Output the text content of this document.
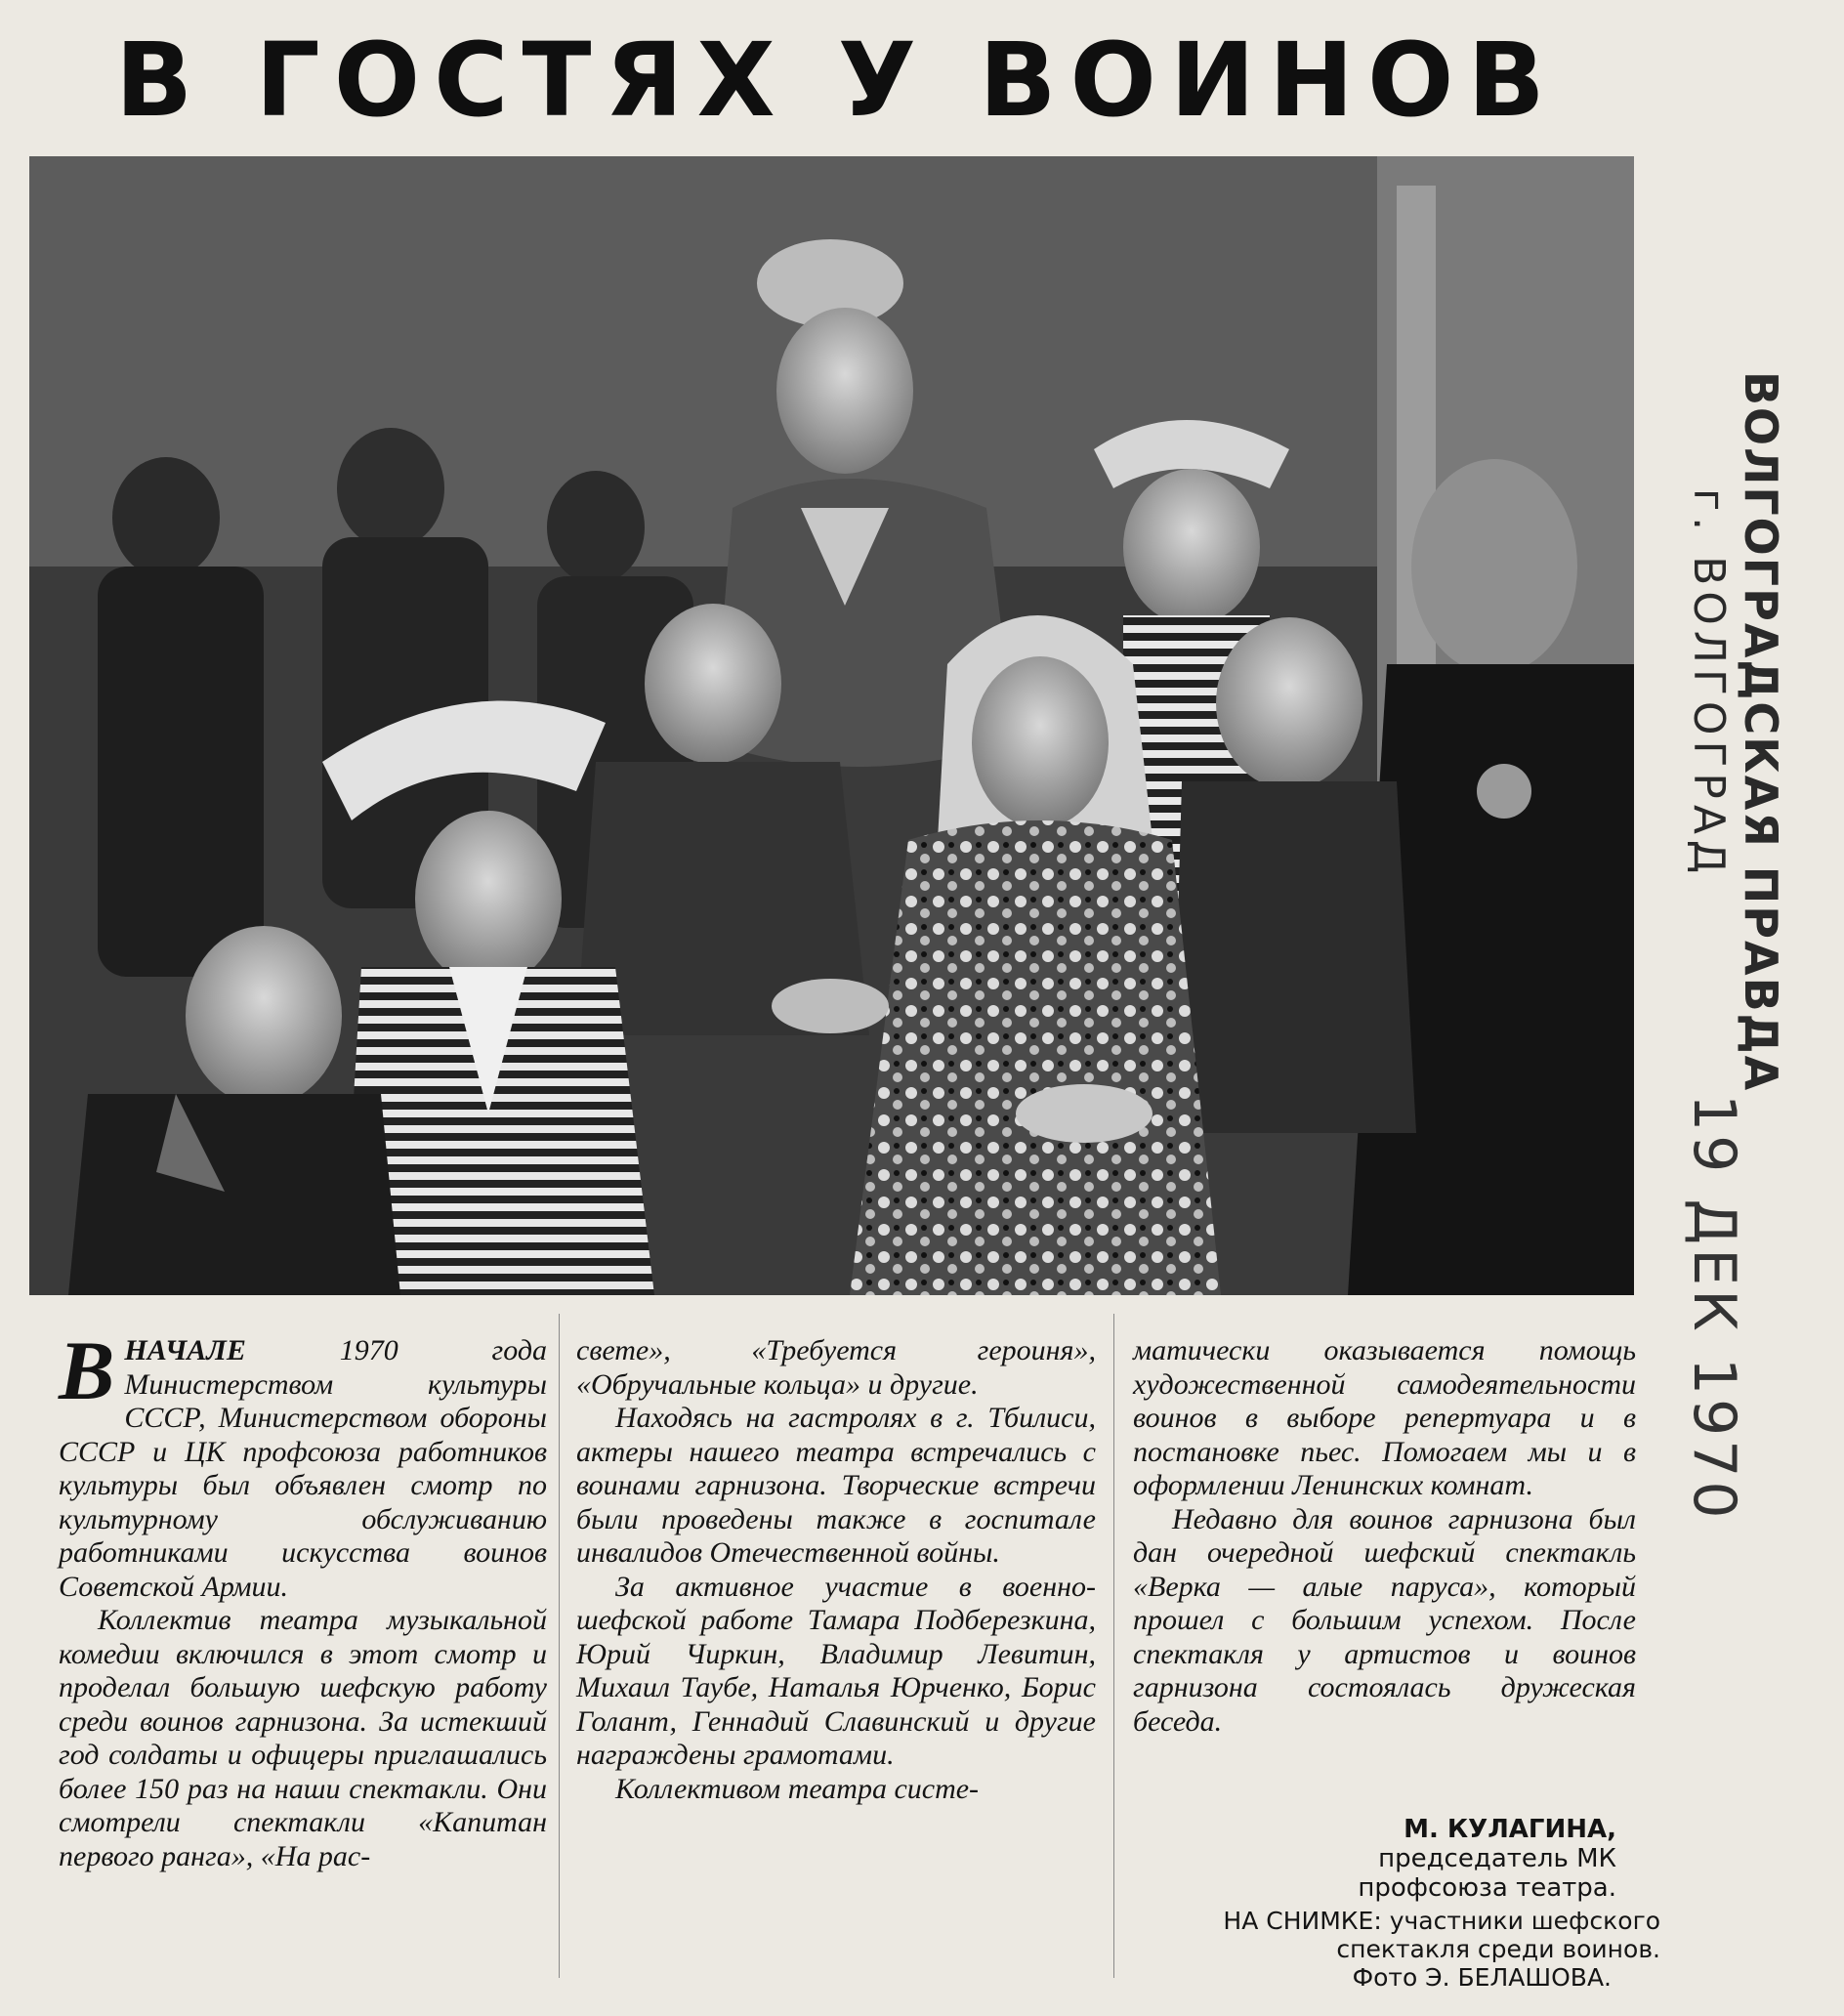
В ГОСТЯХ У ВОИНОВ
ВОЛГОГРАДСКАЯ ПРАВДА
г. ВОЛГОГРАД
19 ДЕК 1970

ВНАЧАЛЕ 1970 года Министерством культуры СССР, Министерством обороны СССР и ЦК профсоюза работников культуры был объявлен смотр по культурному обслуживанию работниками искусства воинов Советской Армии.

Коллектив театра музыкальной комедии включился в этот смотр и проделал большую шефскую работу среди воинов гарнизона. За истекший год солдаты и офицеры приглашались более 150 раз на наши спектакли. Они смотрели спектакли «Капитан первого ранга», «На рас-

свете», «Требуется героиня», «Обручальные кольца» и другие.

Находясь на гастролях в г. Тбилиси, актеры нашего театра встречались с воинами гарнизона. Творческие встречи были проведены также в госпитале инвалидов Отечественной войны.

За активное участие в военно-шефской работе Тамара Подберезкина, Юрий Чиркин, Владимир Левитин, Михаил Таубе, Наталья Юрченко, Борис Голант, Геннадий Славинский и другие награждены грамотами.

Коллективом театра систе-

матически оказывается помощь художественной самодеятельности воинов в выборе репертуара и в постановке пьес. Помогаем мы и в оформлении Ленинских комнат.

Недавно для воинов гарнизона был дан очередной шефский спектакль «Верка — алые паруса», который прошел с большим успехом. После спектакля у артистов и воинов гарнизона состоялась дружеская беседа.

М. КУЛАГИНА,
председатель МК
профсоюза театра.
НА СНИМКЕ: участники шефского спектакля среди воинов.
Фото Э. БЕЛАШОВА.
